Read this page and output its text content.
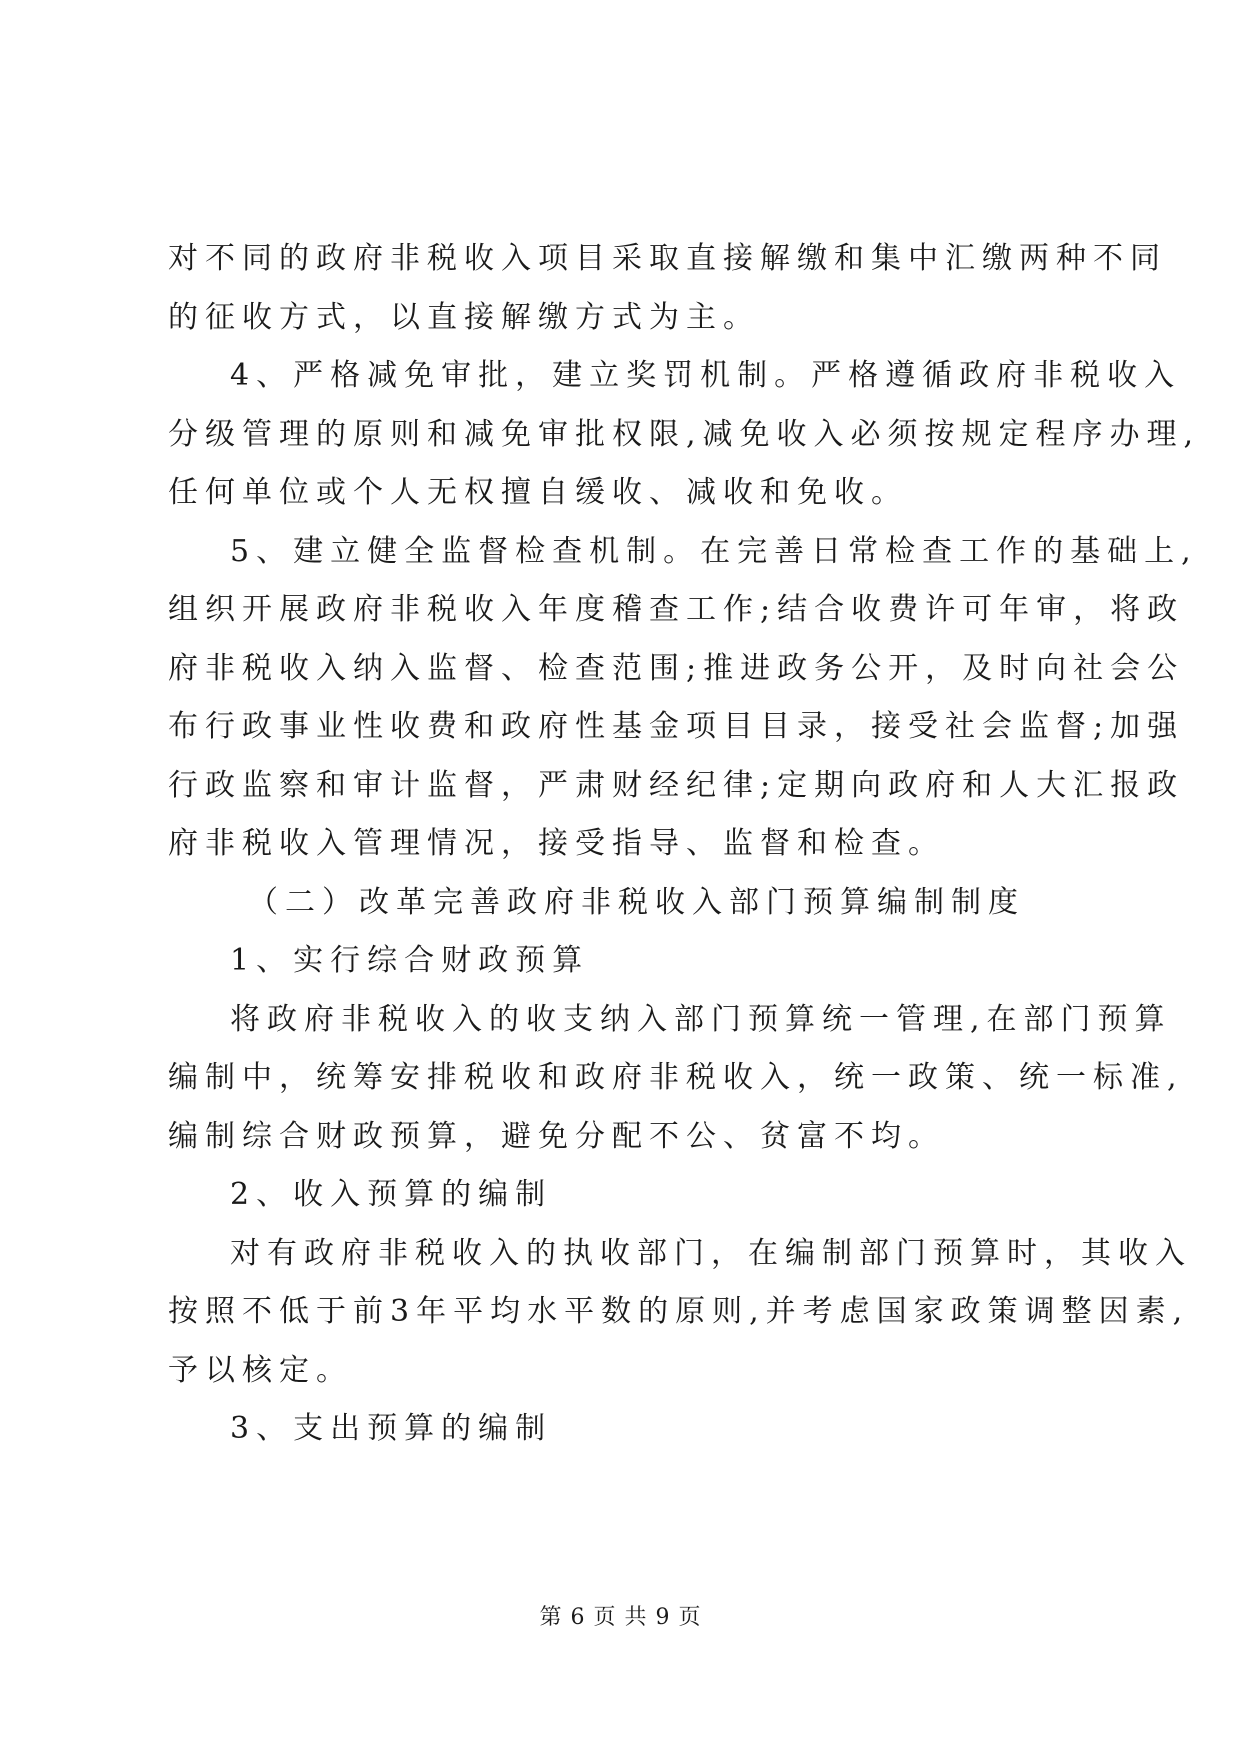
对不同的政府非税收入项目采取直接解缴和集中汇缴两种不同
的征收方式，以直接解缴方式为主。
4、严格减免审批，建立奖罚机制。严格遵循政府非税收入
分级管理的原则和减免审批权限,减免收入必须按规定程序办理,
任何单位或个人无权擅自缓收、减收和免收。
5、建立健全监督检查机制。在完善日常检查工作的基础上,
组织开展政府非税收入年度稽查工作;结合收费许可年审，将政
府非税收入纳入监督、检查范围;推进政务公开，及时向社会公
布行政事业性收费和政府性基金项目目录，接受社会监督;加强
行政监察和审计监督，严肃财经纪律;定期向政府和人大汇报政
府非税收入管理情况，接受指导、监督和检查。
（二）改革完善政府非税收入部门预算编制制度
1、实行综合财政预算
将政府非税收入的收支纳入部门预算统一管理,在部门预算
编制中，统筹安排税收和政府非税收入，统一政策、统一标准,
编制综合财政预算，避免分配不公、贫富不均。
2、收入预算的编制
对有政府非税收入的执收部门，在编制部门预算时，其收入
按照不低于前3年平均水平数的原则,并考虑国家政策调整因素,
予以核定。
3、支出预算的编制
第 6 页 共 9 页
